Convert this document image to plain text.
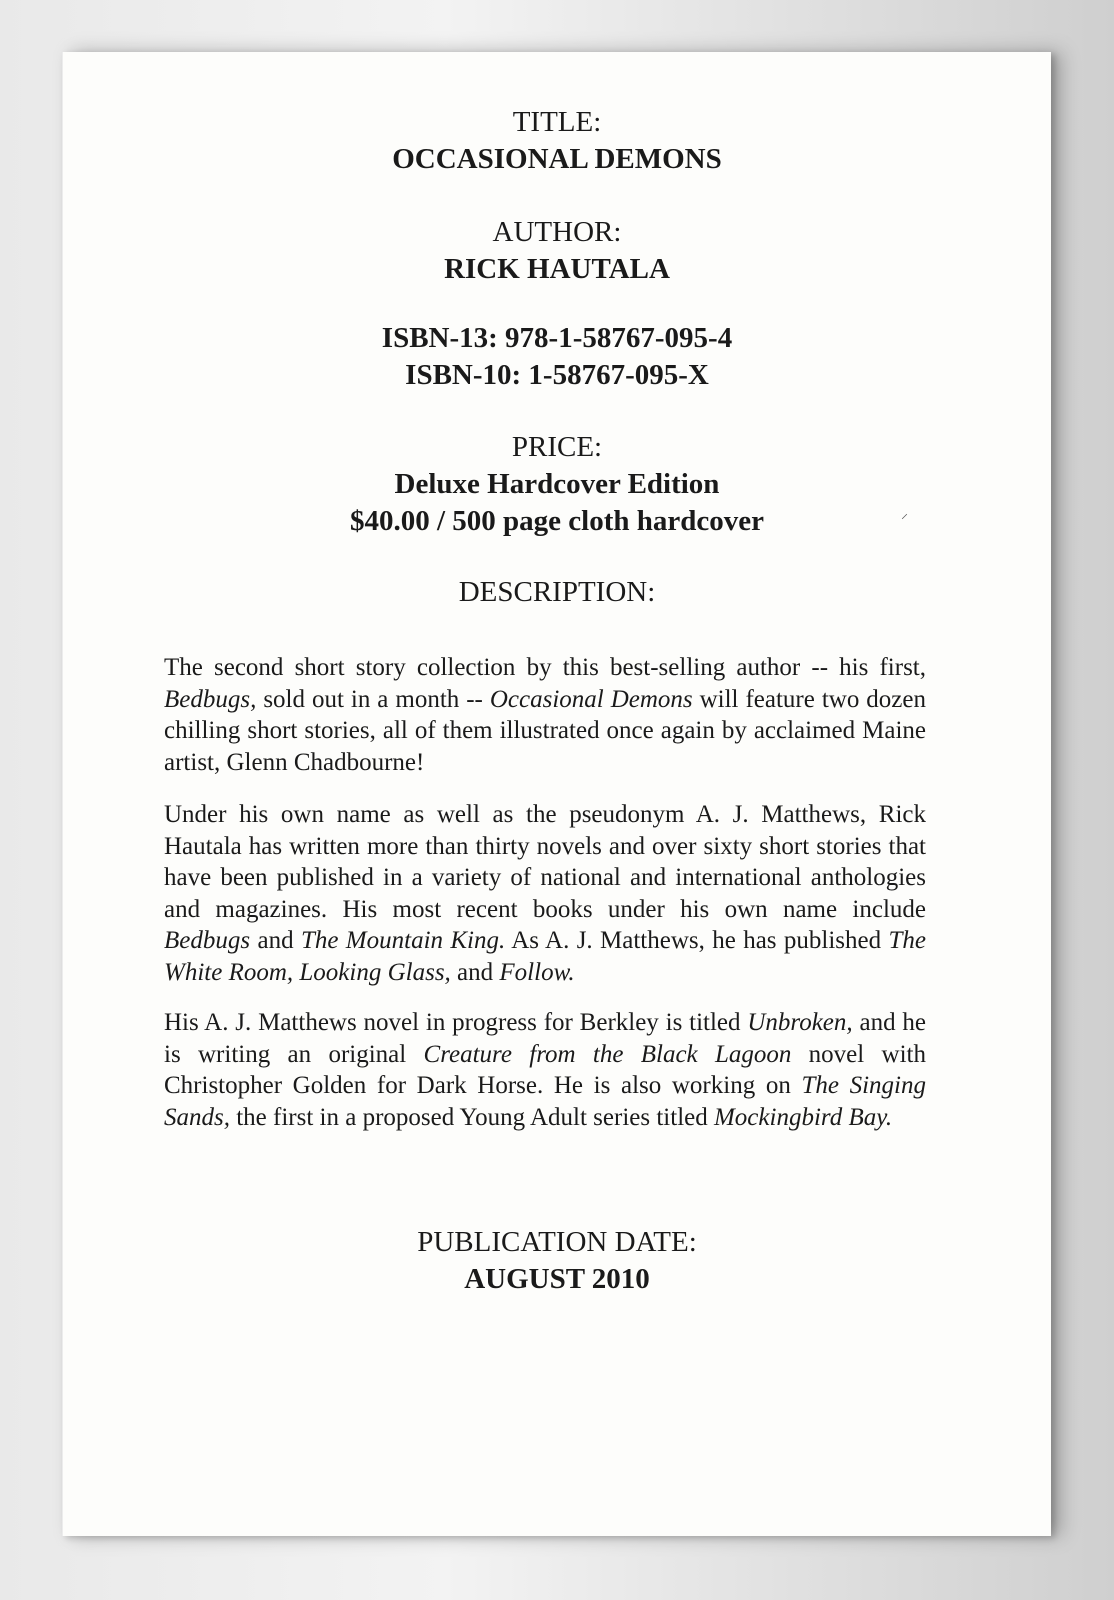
TITLE:
OCCASIONAL DEMONS
AUTHOR:
RICK HAUTALA
ISBN-13: 978-1-58767-095-4
ISBN-10: 1-58767-095-X
PRICE:
Deluxe Hardcover Edition
$40.00 / 500 page cloth hardcover
DESCRIPTION:

The second short story collection by this best-selling author -- his first, Bedbugs, sold out in a month -- Occasional Demons will feature two dozen chilling short stories, all of them illustrated once again by acclaimed Maine artist, Glenn Chadbourne!

Under his own name as well as the pseudonym A. J. Matthews, Rick Hautala has written more than thirty novels and over sixty short stories that have been published in a variety of national and international anthologies and magazines. His most recent books under his own name include Bedbugs and The Mountain King. As A. J. Matthews, he has published The White Room, Looking Glass, and Follow.

His A. J. Matthews novel in progress for Berkley is titled Unbroken, and he is writing an original Creature from the Black Lagoon novel with Christopher Golden for Dark Horse. He is also working on The Singing Sands, the first in a proposed Young Adult series titled Mockingbird Bay.

PUBLICATION DATE:
AUGUST 2010
⸝
